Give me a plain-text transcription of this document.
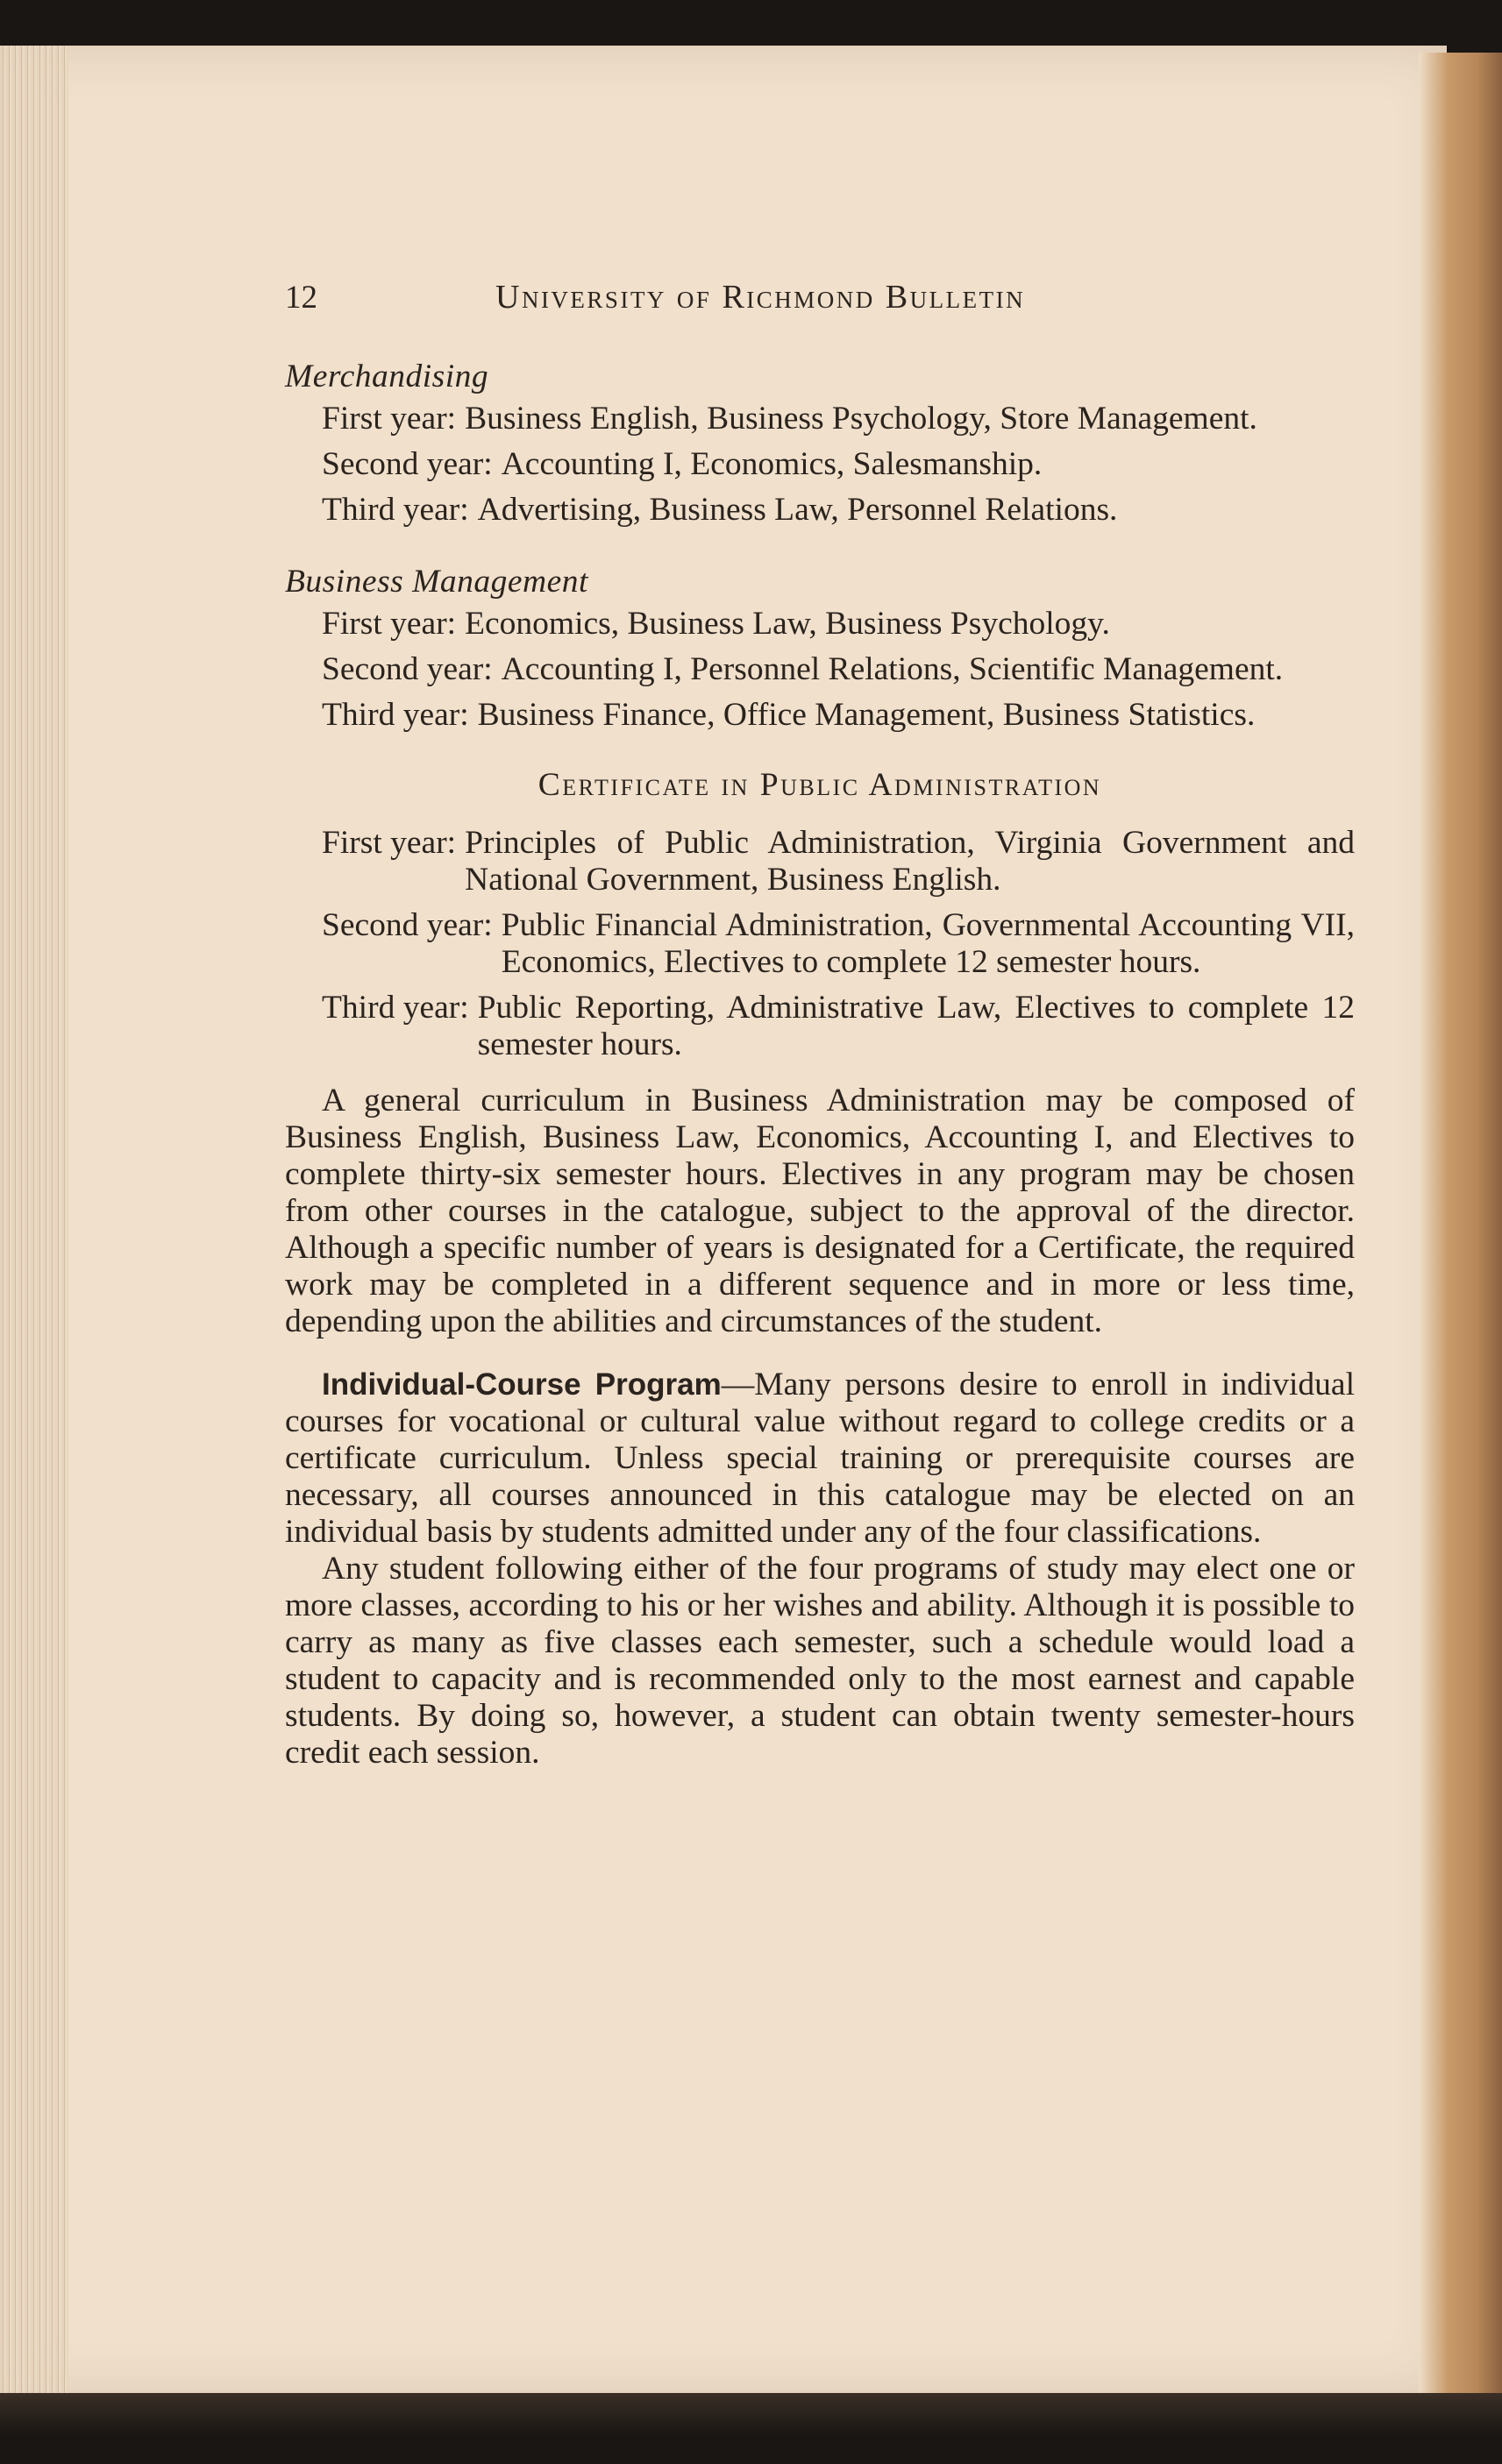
12	University of Richmond Bulletin
Merchandising
First year: Business English, Business Psychology, Store Management.
Second year: Accounting I, Economics, Salesmanship.
Third year: Advertising, Business Law, Personnel Relations.
Business Management
First year: Economics, Business Law, Business Psychology.
Second year: Accounting I, Personnel Relations, Scientific Management.
Third year: Business Finance, Office Management, Business Statistics.
Certificate in Public Administration
First year: Principles of Public Administration, Virginia Government and National Government, Business English.
Second year: Public Financial Administration, Governmental Accounting VII, Economics, Electives to complete 12 semester hours.
Third year: Public Reporting, Administrative Law, Electives to complete 12 semester hours.

A general curriculum in Business Administration may be composed of Business English, Business Law, Economics, Accounting I, and Electives to complete thirty-six semester hours. Electives in any program may be chosen from other courses in the catalogue, subject to the approval of the director. Although a specific number of years is designated for a Certificate, the required work may be completed in a different sequence and in more or less time, depending upon the abilities and circumstances of the student.

Individual-Course Program—Many persons desire to enroll in individual courses for vocational or cultural value without regard to college credits or a certificate curriculum. Unless special training or prerequisite courses are necessary, all courses announced in this catalogue may be elected on an individual basis by students admitted under any of the four classifications.

Any student following either of the four programs of study may elect one or more classes, according to his or her wishes and ability. Although it is possible to carry as many as five classes each semester, such a schedule would load a student to capacity and is recommended only to the most earnest and capable students. By doing so, however, a student can obtain twenty semester-hours credit each session.
